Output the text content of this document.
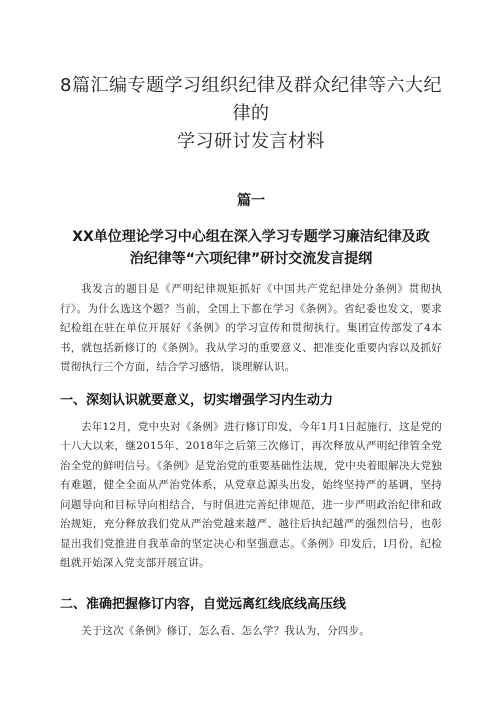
8篇汇编专题学习组织纪律及群众纪律等六大纪律的
学习研讨发言材料
篇一
XX单位理论学习中心组在深入学习专题学习廉洁纪律及政
治纪律等“六项纪律”研讨交流发言提纲

我发言的题目是《严明纪律规矩抓好《中国共产党纪律处分条例》贯彻执行》。为什么选这个题？当前，全国上下都在学习《条例》。省纪委也发文，要求纪检组在驻在单位开展好《条例》的学习宣传和贯彻执行。集团宣传部发了4本书，就包括新修订的《条例》。我从学习的重要意义、把准变化重要内容以及抓好贯彻执行三个方面，结合学习感悟，谈理解认识。

一、深刻认识就要意义，切实增强学习内生动力

去年12月，党中央对《条例》进行修订印发，今年1月1日起施行，这是党的十八大以来，继2015年、2018年之后第三次修订，再次释放从严明纪律管全党治全党的鲜明信号。《条例》是党治党的重要基础性法规，党中央着眼解决大党独有难题，健全全面从严治党体系，从党章总源头出发，始终坚持严的基调，坚持问题导向和目标导向相结合，与时俱进完善纪律规范，进一步严明政治纪律和政治规矩，充分释放我们党从严治党越来越严、越往后执纪越严的强烈信号，也彰显出我们党推进自我革命的坚定决心和坚强意志。《条例》印发后，l月份，纪检组就开始深入党支部开展宣讲。

二、准确把握修订内容，自觉远离红线底线高压线

关于这次《条例》修订，怎么看、怎么学？我认为，分四步。
